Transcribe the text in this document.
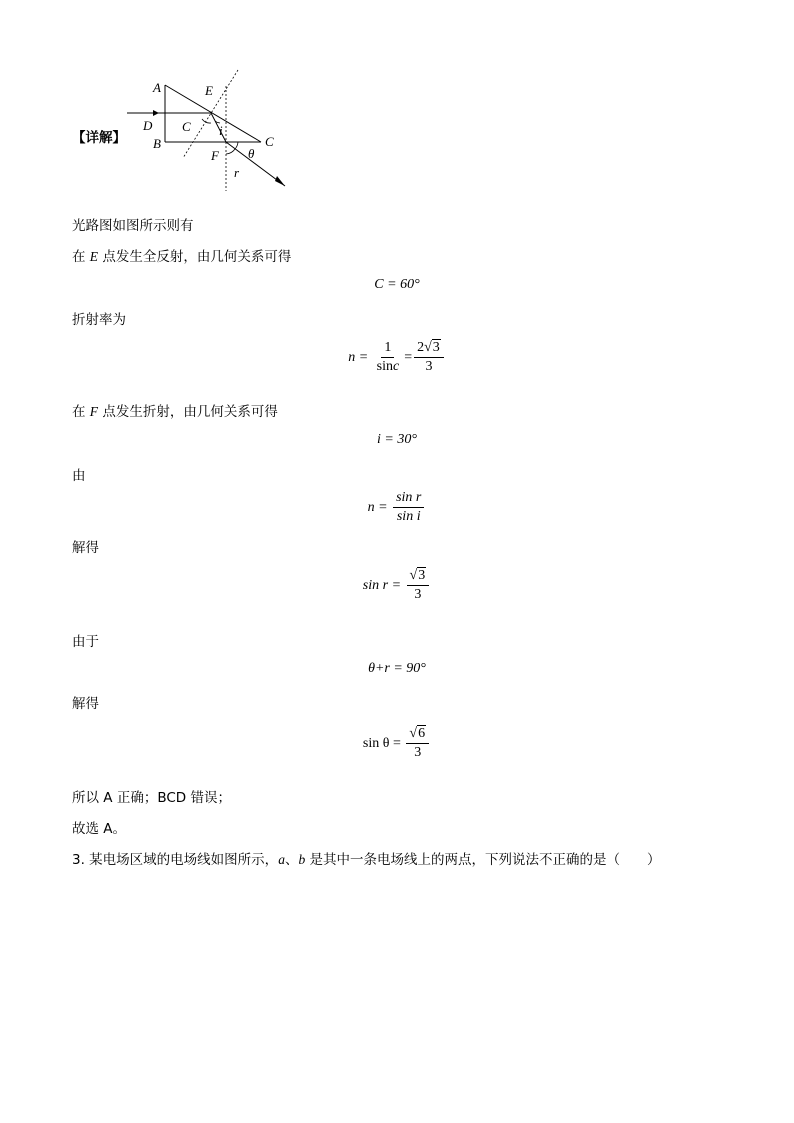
【详解】
A
B	C
D
E
F
C i
θ
r
光路图如图所示则有
在 E 点发生全反射，由几何关系可得
C = 60°
折射率为
$n = \frac{1}{\sin c} = \frac{2√3}{3}$
在 F 点发生折射，由几何关系可得
i = 30°
由
$n = \frac{\text{sin r}}{\text{sin i}}$
解得
$\sin r = \frac{√3}{3}$
由于
θ+r = 90°
解得
$\sin \theta = \frac{√6}{3}$
所以 A 正确；BCD 错误；
故选 A。
3. 某电场区域的电场线如图所示，a、b 是其中一条电场线上的两点，下列说法不正确的是（　　）
